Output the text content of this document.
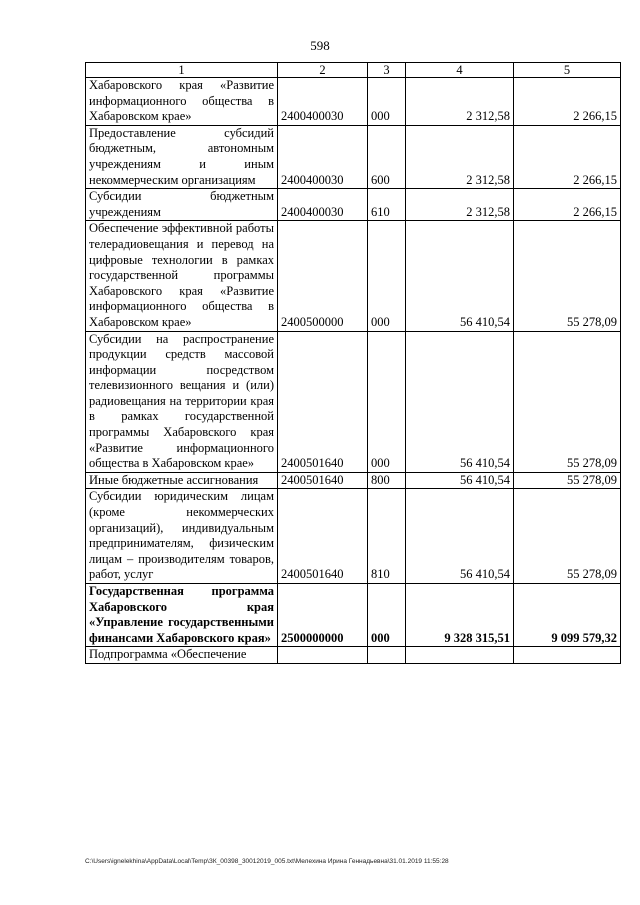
598
1	2	3	4	5
Хабаровского края «Развитие информационного общества в Хабаровском крае»	2400400030	000	2 312,58	2 266,15
Предоставление субсидий бюджетным, автономным учреждениям и иным некоммерческим организациям	2400400030	600	2 312,58	2 266,15
Субсидии бюджетным учреждениям	2400400030	610	2 312,58	2 266,15
Обеспечение эффективной работы телерадиовещания и перевод на цифровые технологии в рамках государственной программы Хабаровского края «Развитие информационного общества в Хабаровском крае»	2400500000	000	56 410,54	55 278,09
Субсидии на распространение продукции средств массовой информации посредством телевизионного вещания и (или) радиовещания на территории края в рамках государственной программы Хабаровского края «Развитие информационного общества в Хабаровском крае»	2400501640	000	56 410,54	55 278,09
Иные бюджетные ассигнования	2400501640	800	56 410,54	55 278,09
Субсидии юридическим лицам (кроме некоммерческих организаций), индивидуальным предпринимателям, физическим лицам – производителям товаров, работ, услуг	2400501640	810	56 410,54	55 278,09
Государственная программа Хабаровского края «Управление государственными финансами Хабаровского края»	2500000000	000	9 328 315,51	9 099 579,32
Подпрограмма «Обеспечение				
C:\Users\ignelekhina\AppData\Local\Temp\ЗК_00398_30012019_005.txt\Мелехина Ирина Геннадьевна\31.01.2019 11:55:28
